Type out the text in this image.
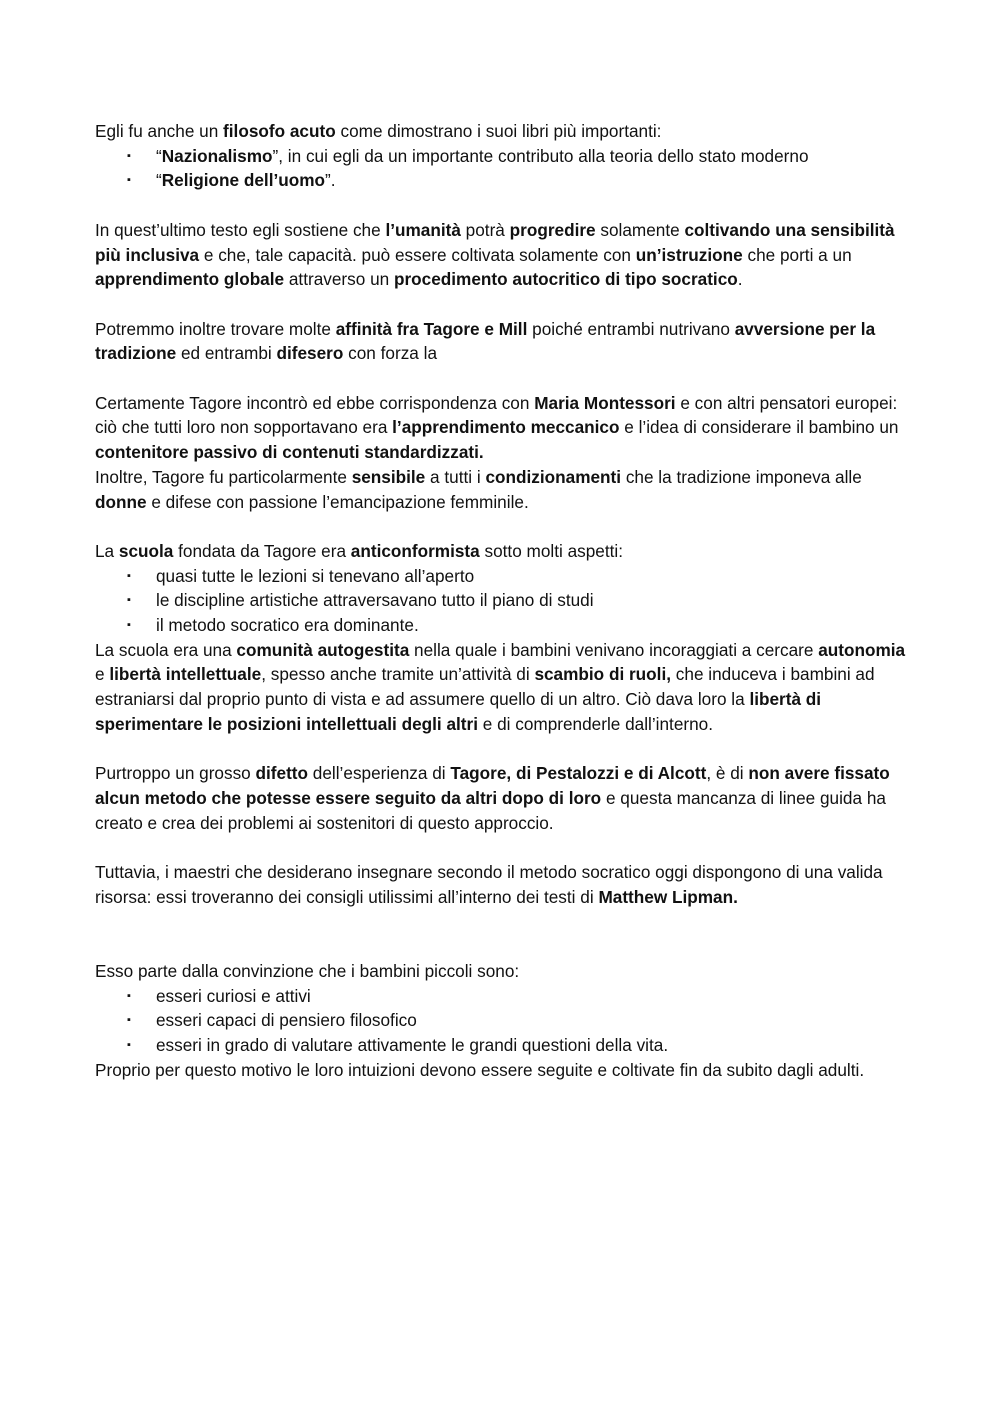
Egli fu anche un filosofo acuto come dimostrano i suoi libri più importanti:

▪ “Nazionalismo”, in cui egli da un importante contributo alla teoria dello stato moderno
▪ “Religione dell’uomo”.

In quest’ultimo testo egli sostiene che l’umanità potrà progredire solamente coltivando una sensibilità più inclusiva e che, tale capacità. può essere coltivata solamente con un’istruzione che porti a un apprendimento globale attraverso un procedimento autocritico di tipo socratico.

Potremmo inoltre trovare molte affinità fra Tagore e Mill poiché entrambi nutrivano avversione per la tradizione ed entrambi difesero con forza la

Certamente Tagore incontrò ed ebbe corrispondenza con Maria Montessori e con altri pensatori europei: ciò che tutti loro non sopportavano era l’apprendimento meccanico e l’idea di considerare il bambino un contenitore passivo di contenuti standardizzati.

Inoltre, Tagore fu particolarmente sensibile a tutti i condizionamenti che la tradizione imponeva alle donne e difese con passione l’emancipazione femminile.

La scuola fondata da Tagore era anticonformista sotto molti aspetti:

▪ quasi tutte le lezioni si tenevano all’aperto
▪ le discipline artistiche attraversavano tutto il piano di studi
▪ il metodo socratico era dominante.

La scuola era una comunità autogestita nella quale i bambini venivano incoraggiati a cercare autonomia e libertà intellettuale, spesso anche tramite un’attività di scambio di ruoli, che induceva i bambini ad estraniarsi dal proprio punto di vista e ad assumere quello di un altro. Ciò dava loro la libertà di sperimentare le posizioni intellettuali degli altri e di comprenderle dall’interno.

Purtroppo un grosso difetto dell’esperienza di Tagore, di Pestalozzi e di Alcott, è di non avere fissato alcun metodo che potesse essere seguito da altri dopo di loro e questa mancanza di linee guida ha creato e crea dei problemi ai sostenitori di questo approccio.

Tuttavia, i maestri che desiderano insegnare secondo il metodo socratico oggi dispongono di una valida risorsa: essi troveranno dei consigli utilissimi all’interno dei testi di Matthew Lipman.

Esso parte dalla convinzione che i bambini piccoli sono:

▪ esseri curiosi e attivi
▪ esseri capaci di pensiero filosofico
▪ esseri in grado di valutare attivamente le grandi questioni della vita.

Proprio per questo motivo le loro intuizioni devono essere seguite e coltivate fin da subito dagli adulti.
